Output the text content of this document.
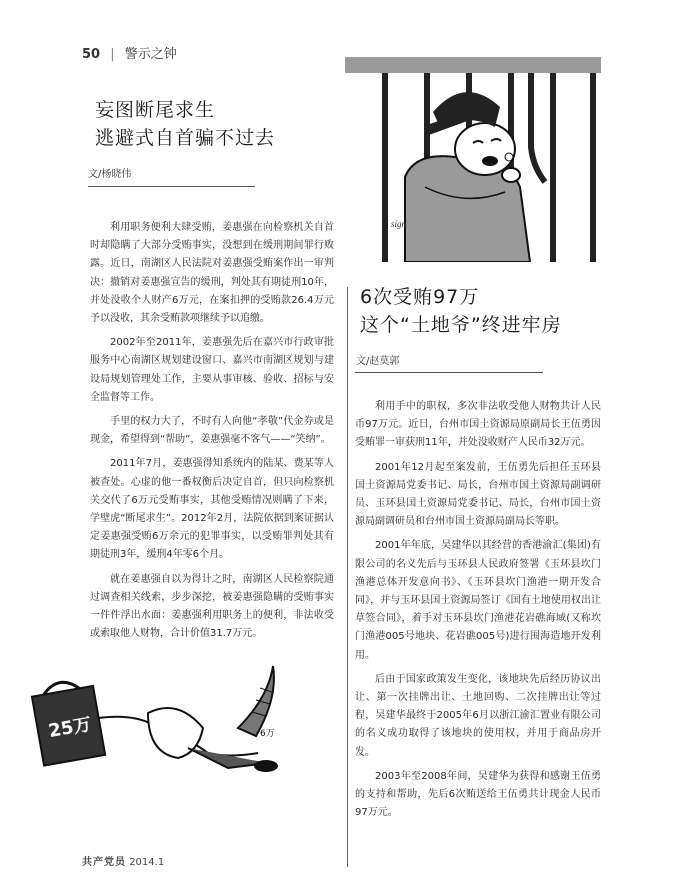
50 | 警示之钟
妄图断尾求生
逃避式自首骗不过去
文/杨晓伟

利用职务便利大肆受贿，姜惠强在向检察机关自首时却隐瞒了大部分受贿事实，没想到在缓刑期间罪行败露。近日，南湖区人民法院对姜惠强受贿案作出一审判决：撤销对姜惠强宣告的缓刑，判处其有期徒刑10年，并处没收个人财产6万元，在案扣押的受贿款26.4万元予以没收，其余受贿款项继续予以追缴。

2002年至2011年，姜惠强先后在嘉兴市行政审批服务中心南湖区规划建设窗口、嘉兴市南湖区规划与建设局规划管理处工作，主要从事审核、验收、招标与安全监督等工作。

手里的权力大了，不时有人向他“孝敬”代金券或是现金，希望得到“帮助”，姜惠强毫不客气——“笑纳”。

2011年7月，姜惠强得知系统内的陆某、费某等人被查处。心虚的他一番权衡后决定自首，但只向检察机关交代了6万元受贿事实，其他受贿情况则瞒了下来，学壁虎“断尾求生”。2012年2月，法院依据到案证据认定姜惠强受贿6万余元的犯罪事实，以受贿罪判处其有期徒刑3年，缓刑4年零6个月。

就在姜惠强自以为得计之时，南湖区人民检察院通过调查相关线索，步步深挖，被姜惠强隐瞒的受贿事实一件件浮出水面：姜惠强利用职务上的便利，非法收受或索取他人财物，合计价值31.7万元。

sign
6次受贿97万
这个“土地爷”终进牢房
文/赵莫郭

利用手中的职权，多次非法收受他人财物共计人民币97万元。近日，台州市国土资源局原副局长王伍勇因受贿罪一审获刑11年，并处没收财产人民币32万元。

2001年12月起至案发前，王伍勇先后担任玉环县国土资源局党委书记、局长，台州市国土资源局副调研员、玉环县国土资源局党委书记、局长，台州市国土资源局副调研员和台州市国土资源局副局长等职。

2001年年底，吴建华以其经营的香港渝汇(集团)有限公司的名义先后与玉环县人民政府签署《玉环县坎门渔港总体开发意向书》、《玉环县坎门渔港一期开发合同》，并与玉环县国土资源局签订《国有土地使用权出让草签合同》，着手对玉环县坎门渔港花岩礁海域(又称坎门渔港005号地块、花岩礁005号)进行围海造地开发利用。

后由于国家政策发生变化，该地块先后经历协议出让、第一次挂牌出让、土地回购、二次挂牌出让等过程，吴建华最终于2005年6月以浙江渝汇置业有限公司的名义成功取得了该地块的使用权，并用于商品房开发。

2003年至2008年间，吴建华为获得和感谢王伍勇的支持和帮助，先后6次贿送给王伍勇共计现金人民币97万元。

25万	6万
共产党员 2014.1
